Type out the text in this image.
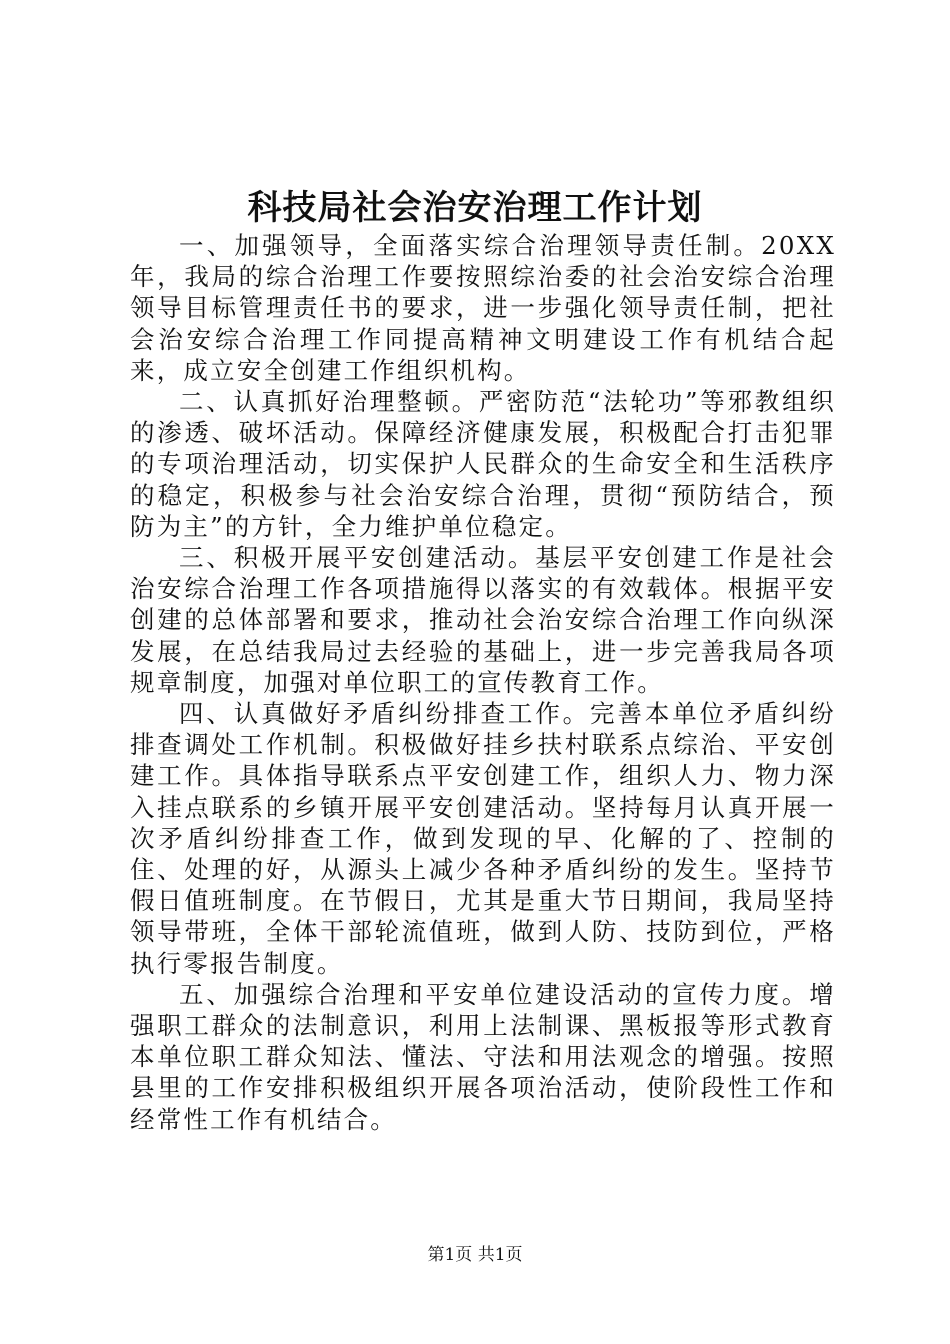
科技局社会治安治理工作计划

一、加强领导，全面落实综合治理领导责任制。20XX年，我局的综合治理工作要按照综治委的社会治安综合治理领导目标管理责任书的要求，进一步强化领导责任制，把社会治安综合治理工作同提高精神文明建设工作有机结合起来，成立安全创建工作组织机构。

二、认真抓好治理整顿。严密防范“法轮功”等邪教组织的渗透、破坏活动。保障经济健康发展，积极配合打击犯罪的专项治理活动，切实保护人民群众的生命安全和生活秩序的稳定，积极参与社会治安综合治理，贯彻“预防结合，预防为主”的方针，全力维护单位稳定。

三、积极开展平安创建活动。基层平安创建工作是社会治安综合治理工作各项措施得以落实的有效载体。根据平安创建的总体部署和要求，推动社会治安综合治理工作向纵深发展，在总结我局过去经验的基础上，进一步完善我局各项规章制度，加强对单位职工的宣传教育工作。

四、认真做好矛盾纠纷排查工作。完善本单位矛盾纠纷排查调处工作机制。积极做好挂乡扶村联系点综治、平安创建工作。具体指导联系点平安创建工作，组织人力、物力深入挂点联系的乡镇开展平安创建活动。坚持每月认真开展一次矛盾纠纷排查工作，做到发现的早、化解的了、控制的住、处理的好，从源头上减少各种矛盾纠纷的发生。坚持节假日值班制度。在节假日，尤其是重大节日期间，我局坚持领导带班，全体干部轮流值班，做到人防、技防到位，严格执行零报告制度。

五、加强综合治理和平安单位建设活动的宣传力度。增强职工群众的法制意识，利用上法制课、黑板报等形式教育本单位职工群众知法、懂法、守法和用法观念的增强。按照县里的工作安排积极组织开展各项治活动，使阶段性工作和经常性工作有机结合。

第1页 共1页
